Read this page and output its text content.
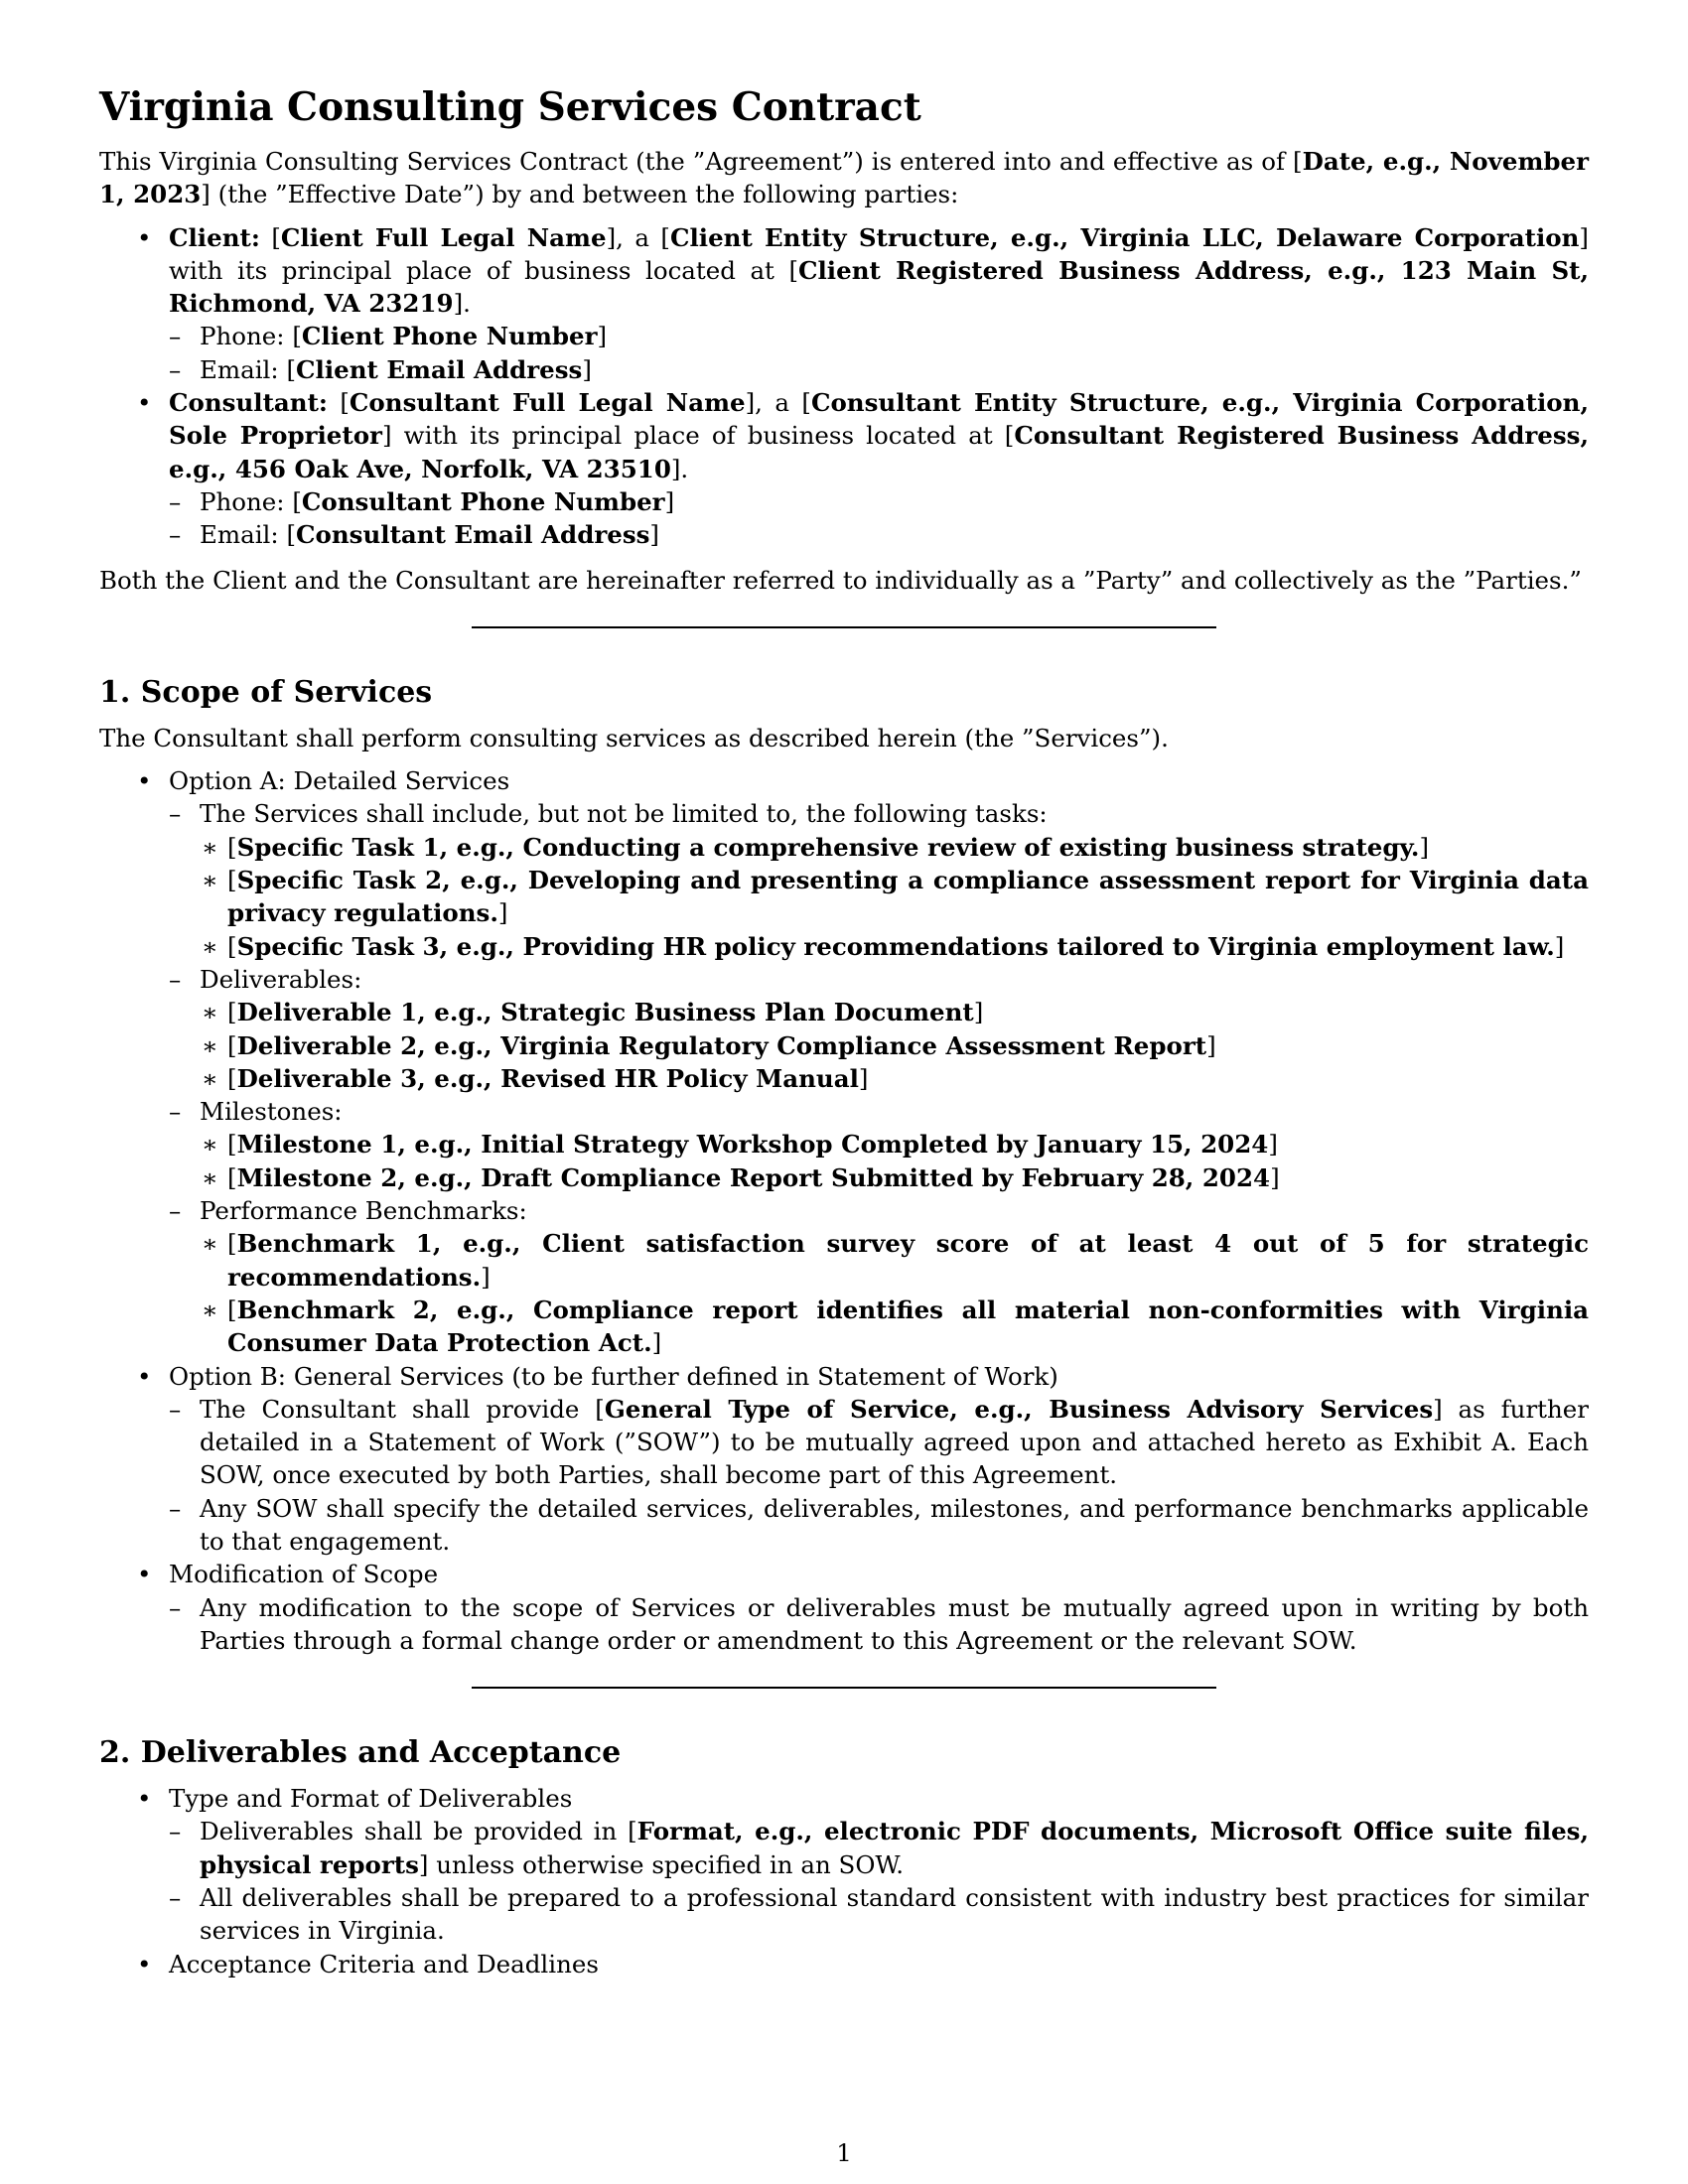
Virginia Consulting Services Contract

This Virginia Consulting Services Contract (the ”Agreement”) is entered into and effective as of [Date, e.g., November 1, 2023] (the ”Effective Date”) by and between the following parties:

• Client: [Client Full Legal Name], a [Client Entity Structure, e.g., Virginia LLC, Delaware Corporation] with its principal place of business located at [Client Registered Business Address, e.g., 123 Main St, Richmond, VA 23219].
– Phone: [Client Phone Number]
– Email: [Client Email Address]
• Consultant: [Consultant Full Legal Name], a [Consultant Entity Structure, e.g., Virginia Corporation, Sole Proprietor] with its principal place of business located at [Consultant Registered Business Address, e.g., 456 Oak Ave, Norfolk, VA 23510].
– Phone: [Consultant Phone Number]
– Email: [Consultant Email Address]

Both the Client and the Consultant are hereinafter referred to individually as a ”Party” and collectively as the ”Parties.”

1. Scope of Services

The Consultant shall perform consulting services as described herein (the ”Services”).

• Option A: Detailed Services
– The Services shall include, but not be limited to, the following tasks:
∗ [Specific Task 1, e.g., Conducting a comprehensive review of existing business strategy.]
∗ [Specific Task 2, e.g., Developing and presenting a compliance assessment report for Virginia data privacy regulations.]
∗ [Specific Task 3, e.g., Providing HR policy recommendations tailored to Virginia employment law.]
– Deliverables:
∗ [Deliverable 1, e.g., Strategic Business Plan Document]
∗ [Deliverable 2, e.g., Virginia Regulatory Compliance Assessment Report]
∗ [Deliverable 3, e.g., Revised HR Policy Manual]
– Milestones:
∗ [Milestone 1, e.g., Initial Strategy Workshop Completed by January 15, 2024]
∗ [Milestone 2, e.g., Draft Compliance Report Submitted by February 28, 2024]
– Performance Benchmarks:
∗ [Benchmark 1, e.g., Client satisfaction survey score of at least 4 out of 5 for strategic recommendations.]
∗ [Benchmark 2, e.g., Compliance report identifies all material non-conformities with Virginia Consumer Data Protection Act.]
• Option B: General Services (to be further defined in Statement of Work)
– The Consultant shall provide [General Type of Service, e.g., Business Advisory Services] as further detailed in a Statement of Work (”SOW”) to be mutually agreed upon and attached hereto as Exhibit A. Each SOW, once executed by both Parties, shall become part of this Agreement.
– Any SOW shall specify the detailed services, deliverables, milestones, and performance benchmarks applicable to that engagement.
• Modification of Scope
– Any modification to the scope of Services or deliverables must be mutually agreed upon in writing by both Parties through a formal change order or amendment to this Agreement or the relevant SOW.
2. Deliverables and Acceptance
• Type and Format of Deliverables
– Deliverables shall be provided in [Format, e.g., electronic PDF documents, Microsoft Office suite files, physical reports] unless otherwise specified in an SOW.
– All deliverables shall be prepared to a professional standard consistent with industry best practices for similar services in Virginia.
• Acceptance Criteria and Deadlines
1
